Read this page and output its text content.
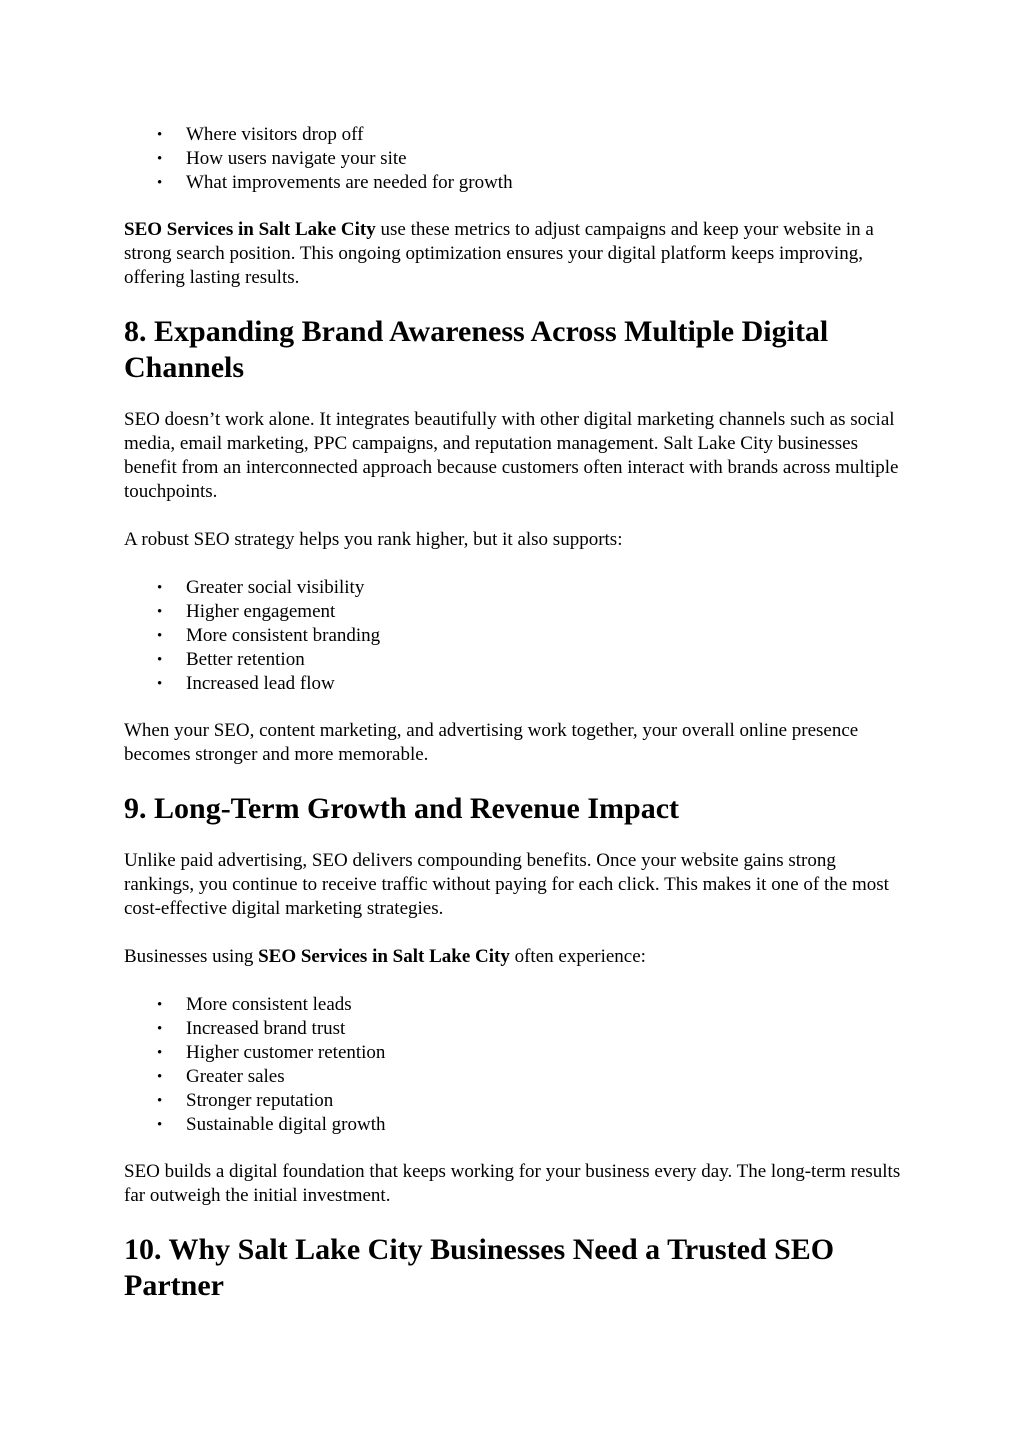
• Where visitors drop off
• How users navigate your site
• What improvements are needed for growth

SEO Services in Salt Lake City use these metrics to adjust campaigns and keep your website in a strong search position. This ongoing optimization ensures your digital platform keeps improving, offering lasting results.

8. Expanding Brand Awareness Across Multiple Digital Channels

SEO doesn’t work alone. It integrates beautifully with other digital marketing channels such as social media, email marketing, PPC campaigns, and reputation management. Salt Lake City businesses benefit from an interconnected approach because customers often interact with brands across multiple touchpoints.

A robust SEO strategy helps you rank higher, but it also supports:

• Greater social visibility
• Higher engagement
• More consistent branding
• Better retention
• Increased lead flow

When your SEO, content marketing, and advertising work together, your overall online presence becomes stronger and more memorable.

9. Long-Term Growth and Revenue Impact

Unlike paid advertising, SEO delivers compounding benefits. Once your website gains strong rankings, you continue to receive traffic without paying for each click. This makes it one of the most cost-effective digital marketing strategies.

Businesses using SEO Services in Salt Lake City often experience:

• More consistent leads
• Increased brand trust
• Higher customer retention
• Greater sales
• Stronger reputation
• Sustainable digital growth

SEO builds a digital foundation that keeps working for your business every day. The long-term results far outweigh the initial investment.

10. Why Salt Lake City Businesses Need a Trusted SEO Partner
